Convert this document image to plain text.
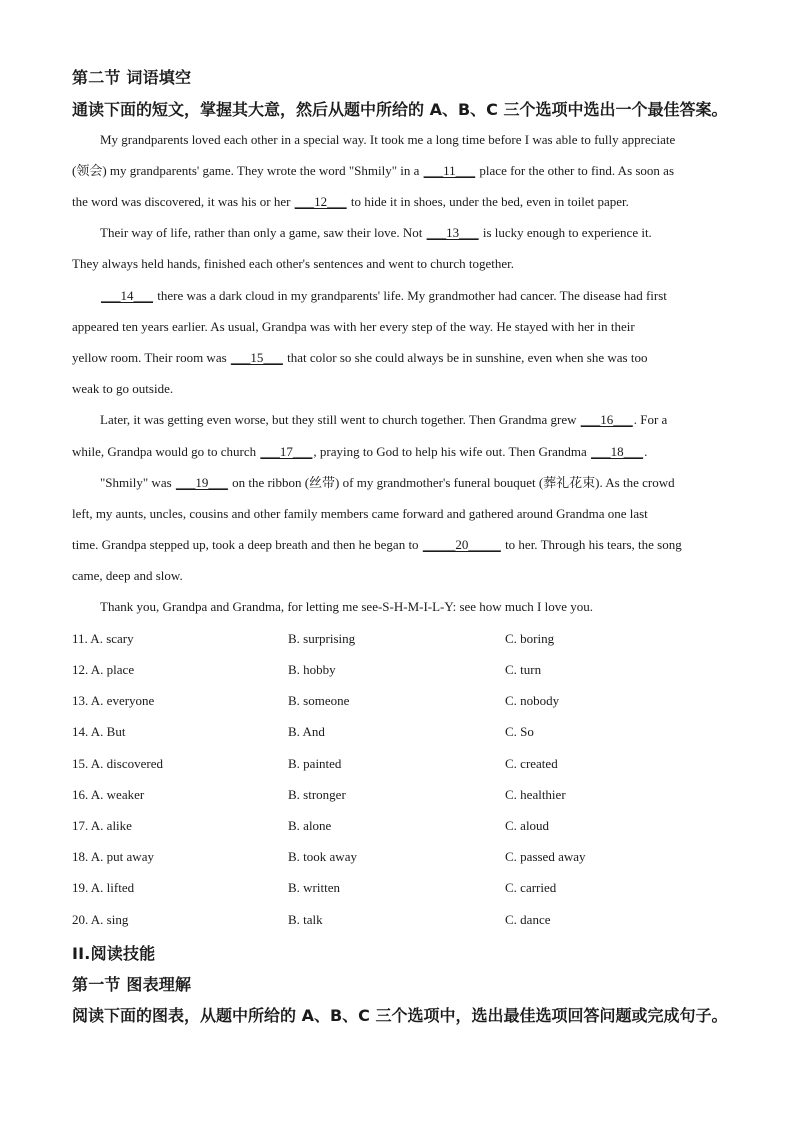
第二节 词语填空
通读下面的短文，掌握其大意，然后从题中所给的 A、B、C 三个选项中选出一个最佳答案。
My grandparents loved each other in a special way. It took me a long time before I was able to fully appreciate
(领会) my grandparents' game. They wrote the word "Shmily" in a ___11___ place for the other to find. As soon as
the word was discovered, it was his or her ___12___ to hide it in shoes, under the bed, even in toilet paper.
Their way of life, rather than only a game, saw their love. Not ___13___ is lucky enough to experience it.
They always held hands, finished each other's sentences and went to church together.
___14___ there was a dark cloud in my grandparents' life. My grandmother had cancer. The disease had first
appeared ten years earlier. As usual, Grandpa was with her every step of the way. He stayed with her in their
yellow room. Their room was ___15___ that color so she could always be in sunshine, even when she was too
weak to go outside.
Later, it was getting even worse, but they still went to church together. Then Grandma grew ___16___. For a
while, Grandpa would go to church ___17___, praying to God to help his wife out. Then Grandma ___18___.
"Shmily" was ___19___ on the ribbon (丝带) of my grandmother's funeral bouquet (葬礼花束). As the crowd
left, my aunts, uncles, cousins and other family members came forward and gathered around Grandma one last
time. Grandpa stepped up, took a deep breath and then he began to _____20_____ to her. Through his tears, the song
came, deep and slow.
Thank you, Grandpa and Grandma, for letting me see-S-H-M-I-L-Y: see how much I love you.
11. A. scary	B. surprising	C. boring
12. A. place	B. hobby	C. turn
13. A. everyone	B. someone	C. nobody
14. A. But	B. And	C. So
15. A. discovered	B. painted	C. created
16. A. weaker	B. stronger	C. healthier
17. A. alike	B. alone	C. aloud
18. A. put away	B. took away	C. passed away
19. A. lifted	B. written	C. carried
20. A. sing	B. talk	C. dance
II.阅读技能
第一节 图表理解
阅读下面的图表，从题中所给的 A、B、C 三个选项中，选出最佳选项回答问题或完成句子。
